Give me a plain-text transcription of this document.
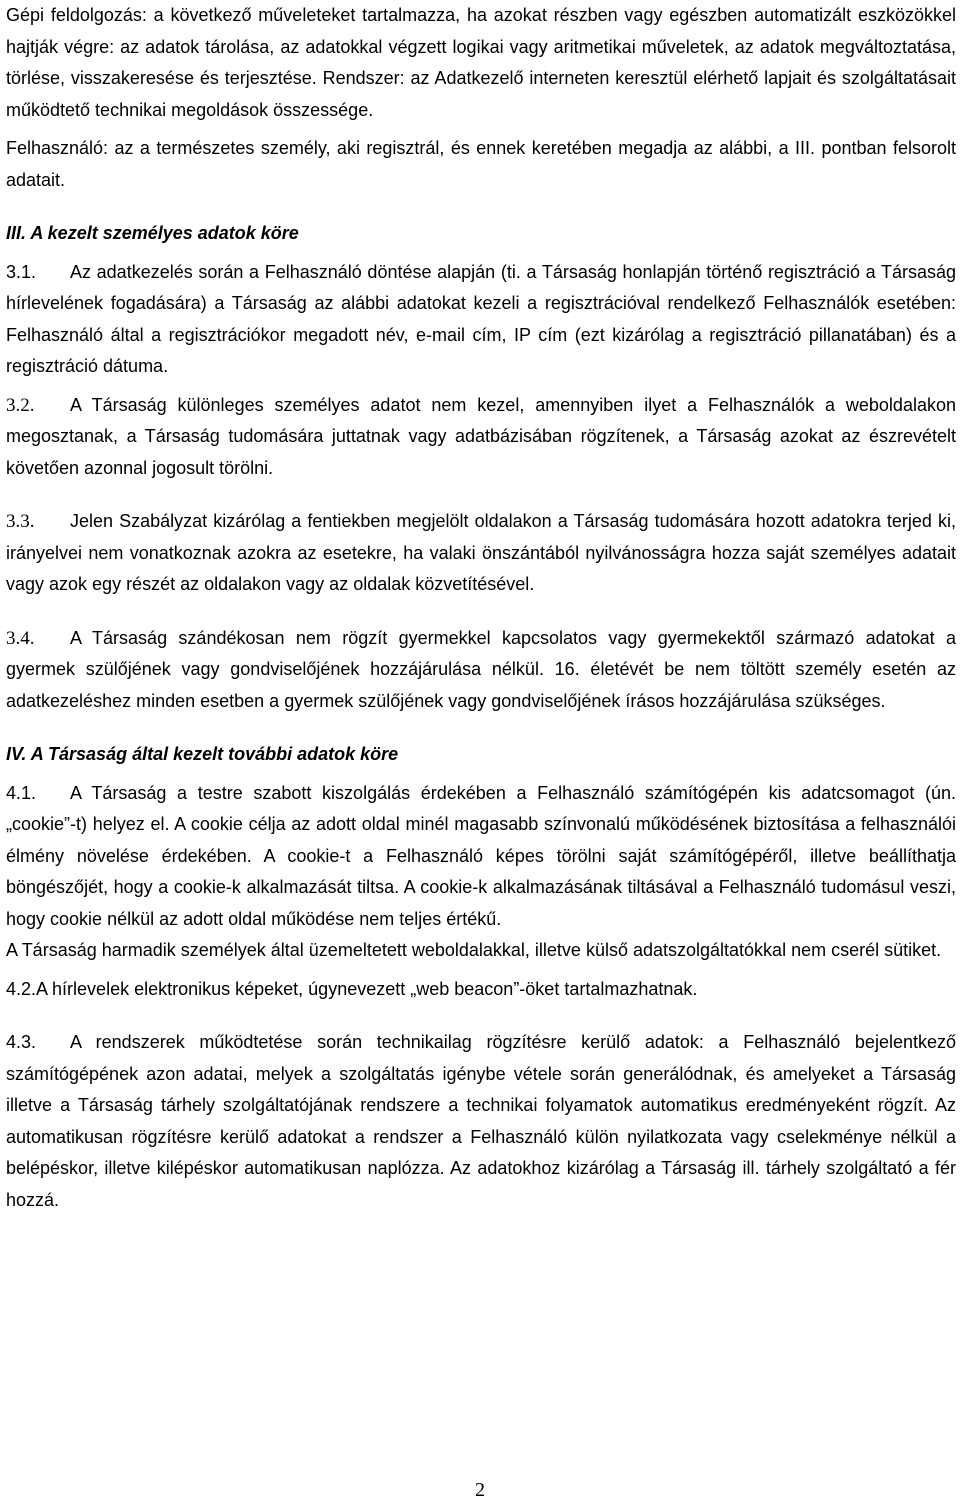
Gépi feldolgozás: a következő műveleteket tartalmazza, ha azokat részben vagy egészben automatizált eszközökkel hajtják végre: az adatok tárolása, az adatokkal végzett logikai vagy aritmetikai műveletek, az adatok megváltoztatása, törlése, visszakeresése és terjesztése. Rendszer: az Adatkezelő interneten keresztül elérhető lapjait és szolgáltatásait működtető technikai megoldások összessége.

Felhasználó: az a természetes személy, aki regisztrál, és ennek keretében megadja az alábbi, a III. pontban felsorolt adatait.

III. A kezelt személyes adatok köre

3.1. Az adatkezelés során a Felhasználó döntése alapján (ti. a Társaság honlapján történő regisztráció a Társaság hírlevelének fogadására) a Társaság az alábbi adatokat kezeli a regisztrációval rendelkező Felhasználók esetében: Felhasználó által a regisztrációkor megadott név, e-mail cím, IP cím (ezt kizárólag a regisztráció pillanatában) és a regisztráció dátuma.

3.2. A Társaság különleges személyes adatot nem kezel, amennyiben ilyet a Felhasználók a weboldalakon megosztanak, a Társaság tudomására juttatnak vagy adatbázisában rögzítenek, a Társaság azokat az észrevételt követően azonnal jogosult törölni.

3.3. Jelen Szabályzat kizárólag a fentiekben megjelölt oldalakon a Társaság tudomására hozott adatokra terjed ki, irányelvei nem vonatkoznak azokra az esetekre, ha valaki önszántából nyilvánosságra hozza saját személyes adatait vagy azok egy részét az oldalakon vagy az oldalak közvetítésével.

3.4. A Társaság szándékosan nem rögzít gyermekkel kapcsolatos vagy gyermekektől származó adatokat a gyermek szülőjének vagy gondviselőjének hozzájárulása nélkül. 16. életévét be nem töltött személy esetén az adatkezeléshez minden esetben a gyermek szülőjének vagy gondviselőjének írásos hozzájárulása szükséges.

IV. A Társaság által kezelt további adatok köre

4.1. A Társaság a testre szabott kiszolgálás érdekében a Felhasználó számítógépén kis adatcsomagot (ún. „cookie”-t) helyez el. A cookie célja az adott oldal minél magasabb színvonalú működésének biztosítása a felhasználói élmény növelése érdekében. A cookie-t a Felhasználó képes törölni saját számítógépéről, illetve beállíthatja böngészőjét, hogy a cookie-k alkalmazását tiltsa. A cookie-k alkalmazásának tiltásával a Felhasználó tudomásul veszi, hogy cookie nélkül az adott oldal működése nem teljes értékű.

A Társaság harmadik személyek által üzemeltetett weboldalakkal, illetve külső adatszolgáltatókkal nem cserél sütiket.

4.2.A hírlevelek elektronikus képeket, úgynevezett „web beacon”-öket tartalmazhatnak.

4.3. A rendszerek működtetése során technikailag rögzítésre kerülő adatok: a Felhasználó bejelentkező számítógépének azon adatai, melyek a szolgáltatás igénybe vétele során generálódnak, és amelyeket a Társaság illetve a Társaság tárhely szolgáltatójának rendszere a technikai folyamatok automatikus eredményeként rögzít. Az automatikusan rögzítésre kerülő adatokat a rendszer a Felhasználó külön nyilatkozata vagy cselekménye nélkül a belépéskor, illetve kilépéskor automatikusan naplózza. Az adatokhoz kizárólag a Társaság ill. tárhely szolgáltató a fér hozzá.

2
